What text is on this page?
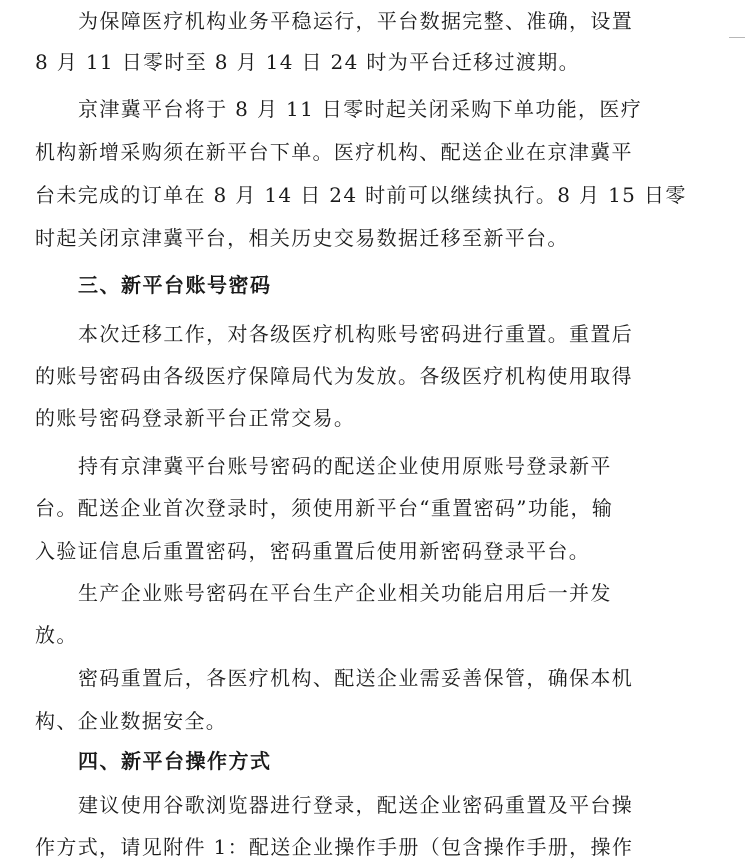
为保障医疗机构业务平稳运行，平台数据完整、准确，设置

8 月 11 日零时至 8 月 14 日 24 时为平台迁移过渡期。

京津冀平台将于 8 月 11 日零时起关闭采购下单功能，医疗

机构新增采购须在新平台下单。医疗机构、配送企业在京津冀平

台未完成的订单在 8 月 14 日 24 时前可以继续执行。8 月 15 日零

时起关闭京津冀平台，相关历史交易数据迁移至新平台。

三、新平台账号密码

本次迁移工作，对各级医疗机构账号密码进行重置。重置后

的账号密码由各级医疗保障局代为发放。各级医疗机构使用取得

的账号密码登录新平台正常交易。

持有京津冀平台账号密码的配送企业使用原账号登录新平

台。配送企业首次登录时，须使用新平台“重置密码”功能，输

入验证信息后重置密码，密码重置后使用新密码登录平台。

生产企业账号密码在平台生产企业相关功能启用后一并发

放。

密码重置后，各医疗机构、配送企业需妥善保管，确保本机

构、企业数据安全。

四、新平台操作方式

建议使用谷歌浏览器进行登录，配送企业密码重置及平台操

作方式，请见附件 1：配送企业操作手册（包含操作手册，操作
